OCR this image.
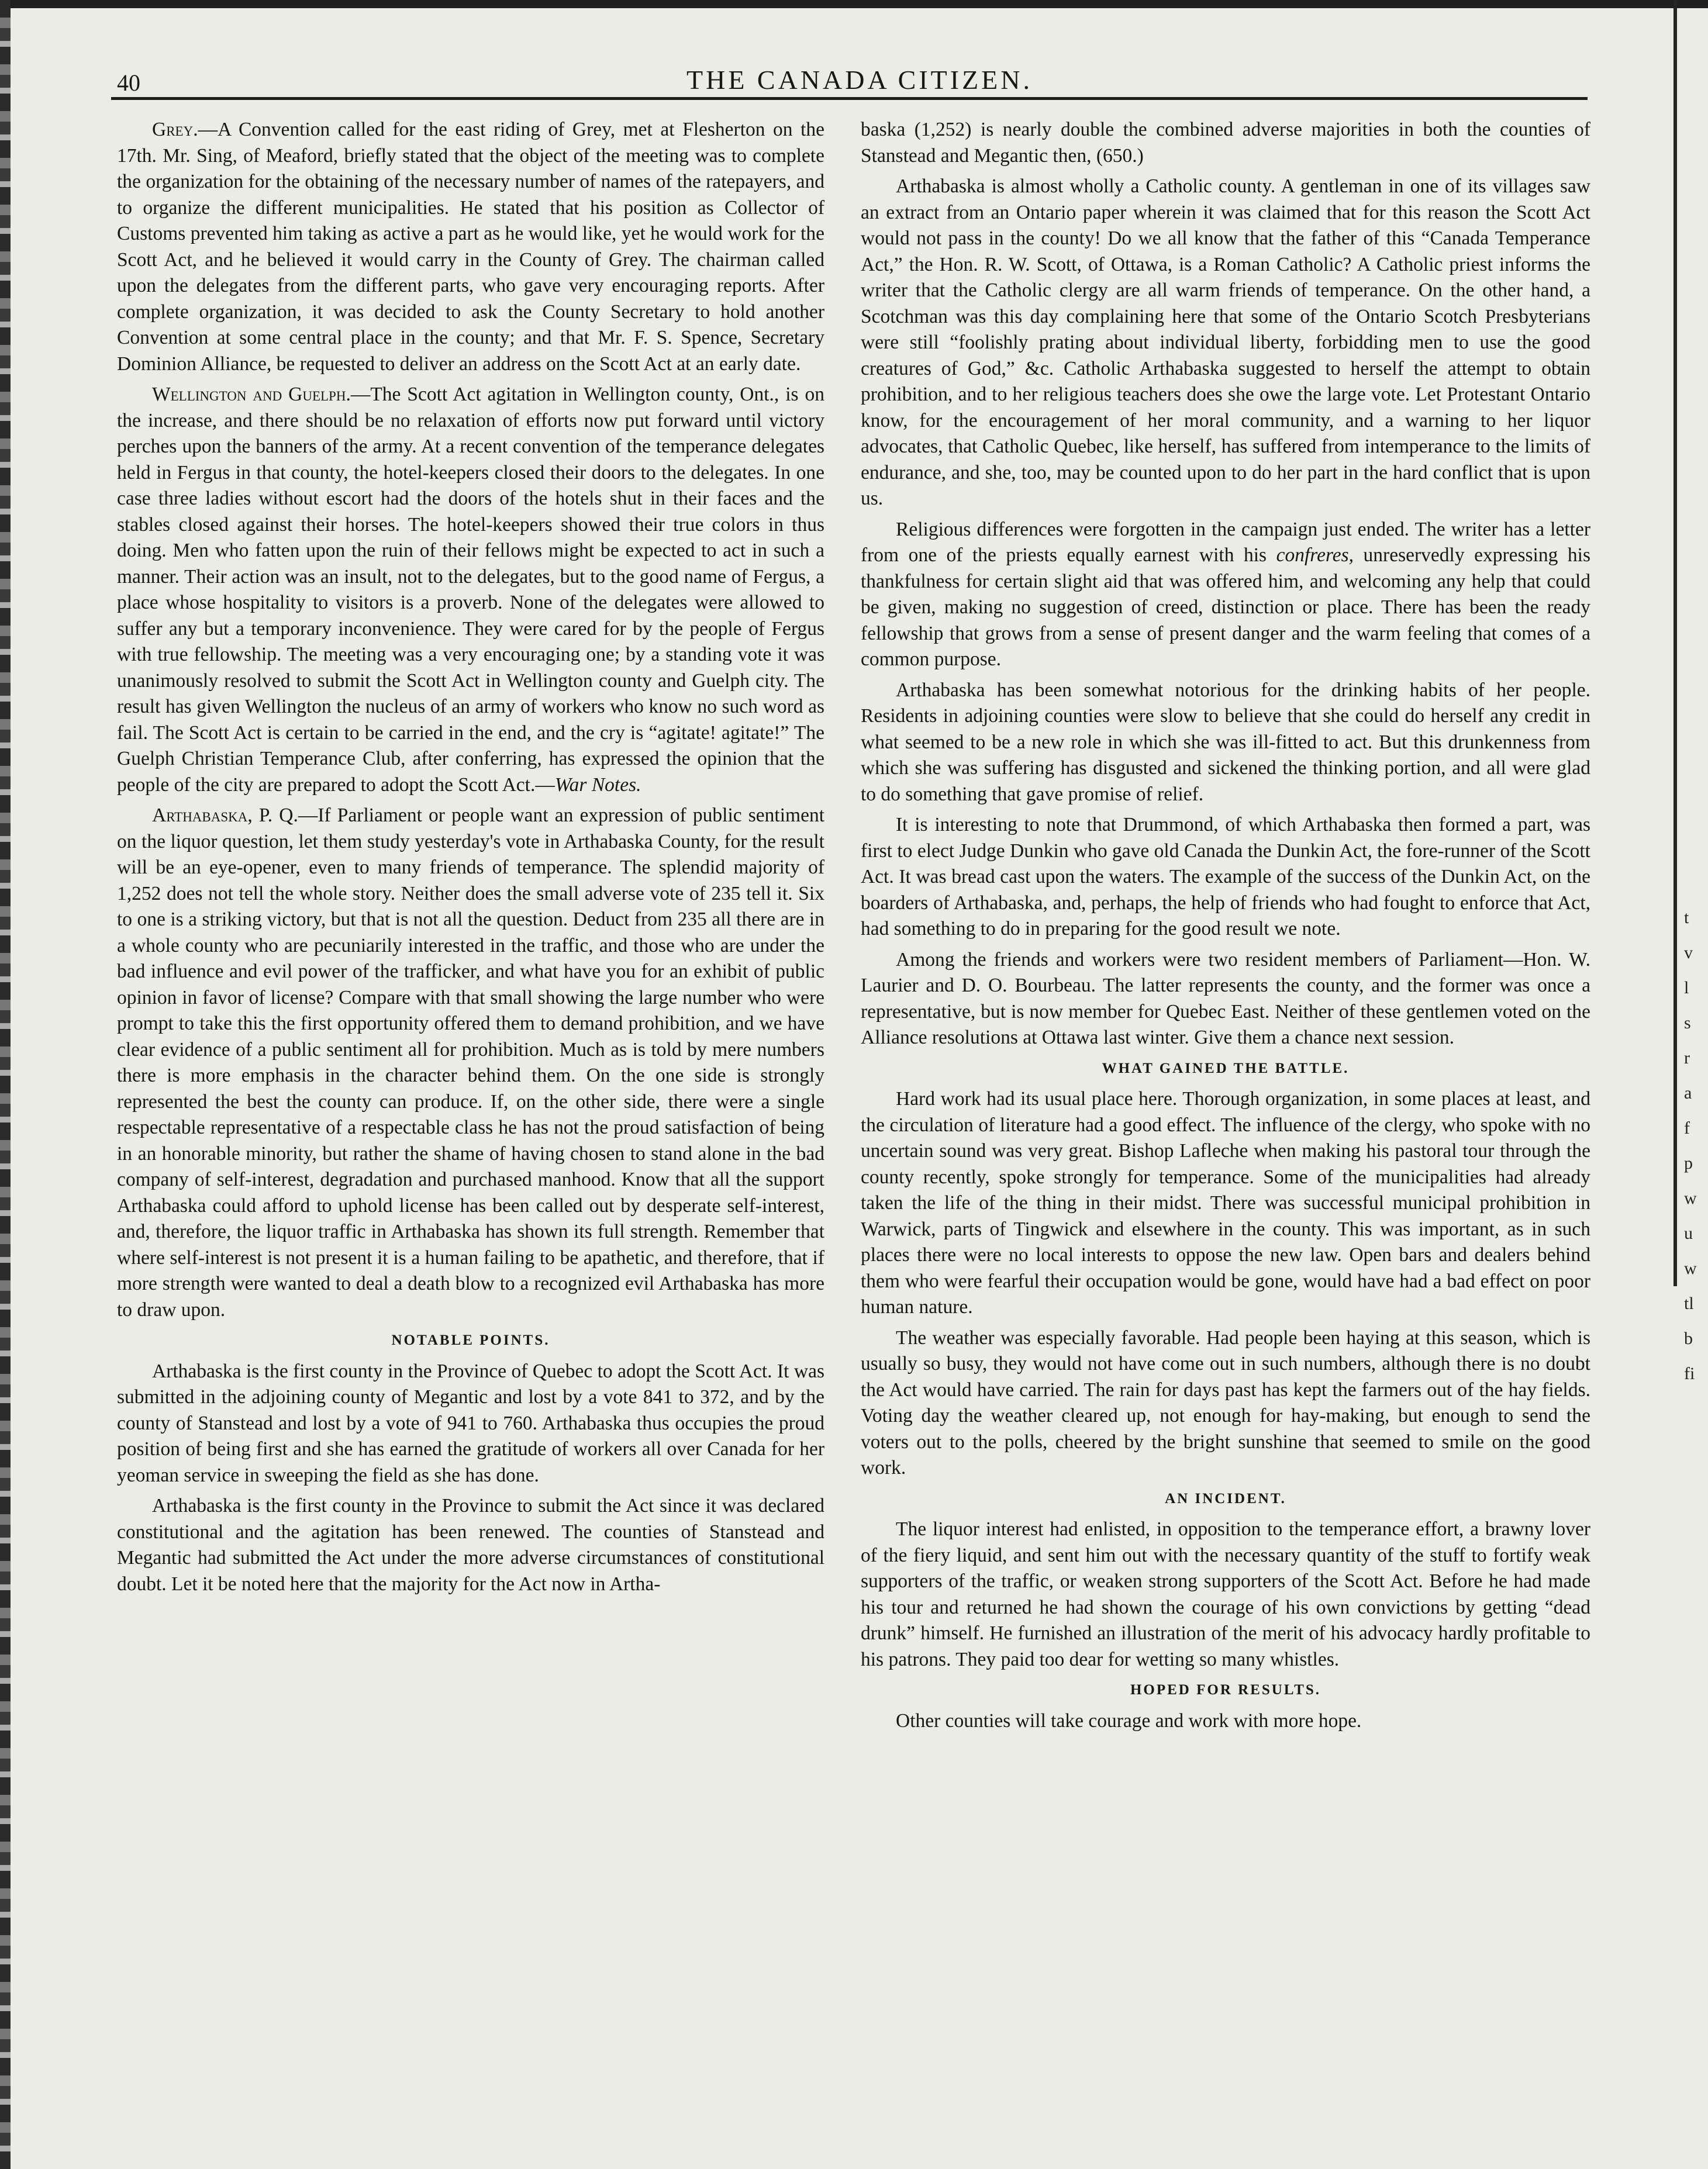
40	THE CANADA CITIZEN.

Grey.—A Convention called for the east riding of Grey, met at Flesherton on the 17th. Mr. Sing, of Meaford, briefly stated that the object of the meeting was to complete the organization for the obtaining of the necessary number of names of the ratepayers, and to organize the different municipalities. He stated that his position as Collector of Customs prevented him taking as active a part as he would like, yet he would work for the Scott Act, and he believed it would carry in the County of Grey. The chairman called upon the delegates from the different parts, who gave very encouraging reports. After complete organization, it was decided to ask the County Secretary to hold another Convention at some central place in the county; and that Mr. F. S. Spence, Secretary Dominion Alliance, be requested to deliver an address on the Scott Act at an early date.

Wellington and Guelph.—The Scott Act agitation in Wellington county, Ont., is on the increase, and there should be no relaxation of efforts now put forward until victory perches upon the banners of the army. At a recent convention of the temperance delegates held in Fergus in that county, the hotel-keepers closed their doors to the delegates. In one case three ladies without escort had the doors of the hotels shut in their faces and the stables closed against their horses. The hotel-keepers showed their true colors in thus doing. Men who fatten upon the ruin of their fellows might be expected to act in such a manner. Their action was an insult, not to the delegates, but to the good name of Fergus, a place whose hospitality to visitors is a proverb. None of the delegates were allowed to suffer any but a temporary inconvenience. They were cared for by the people of Fergus with true fellowship. The meeting was a very encouraging one; by a standing vote it was unanimously resolved to submit the Scott Act in Wellington county and Guelph city. The result has given Wellington the nucleus of an army of workers who know no such word as fail. The Scott Act is certain to be carried in the end, and the cry is “agitate! agitate!” The Guelph Christian Temperance Club, after conferring, has expressed the opinion that the people of the city are prepared to adopt the Scott Act.—War Notes.

Arthabaska, P. Q.—If Parliament or people want an expression of public sentiment on the liquor question, let them study yesterday's vote in Arthabaska County, for the result will be an eye-opener, even to many friends of temperance. The splendid majority of 1,252 does not tell the whole story. Neither does the small adverse vote of 235 tell it. Six to one is a striking victory, but that is not all the question. Deduct from 235 all there are in a whole county who are pecuniarily interested in the traffic, and those who are under the bad influence and evil power of the trafficker, and what have you for an exhibit of public opinion in favor of license? Compare with that small showing the large number who were prompt to take this the first opportunity offered them to demand prohibition, and we have clear evidence of a public sentiment all for prohibition. Much as is told by mere numbers there is more emphasis in the character behind them. On the one side is strongly represented the best the county can produce. If, on the other side, there were a single respectable representative of a respectable class he has not the proud satisfaction of being in an honorable minority, but rather the shame of having chosen to stand alone in the bad company of self-interest, degradation and purchased manhood. Know that all the support Arthabaska could afford to uphold license has been called out by desperate self-interest, and, therefore, the liquor traffic in Arthabaska has shown its full strength. Remember that where self-interest is not present it is a human failing to be apathetic, and therefore, that if more strength were wanted to deal a death blow to a recognized evil Arthabaska has more to draw upon.

NOTABLE POINTS.

Arthabaska is the first county in the Province of Quebec to adopt the Scott Act. It was submitted in the adjoining county of Megantic and lost by a vote 841 to 372, and by the county of Stanstead and lost by a vote of 941 to 760. Arthabaska thus occupies the proud position of being first and she has earned the gratitude of workers all over Canada for her yeoman service in sweeping the field as she has done.

Arthabaska is the first county in the Province to submit the Act since it was declared constitutional and the agitation has been renewed. The counties of Stanstead and Megantic had submitted the Act under the more adverse circumstances of constitutional doubt. Let it be noted here that the majority for the Act now in Artha-

baska (1,252) is nearly double the combined adverse majorities in both the counties of Stanstead and Megantic then, (650.)

Arthabaska is almost wholly a Catholic county. A gentleman in one of its villages saw an extract from an Ontario paper wherein it was claimed that for this reason the Scott Act would not pass in the county! Do we all know that the father of this “Canada Temperance Act,” the Hon. R. W. Scott, of Ottawa, is a Roman Catholic? A Catholic priest informs the writer that the Catholic clergy are all warm friends of temperance. On the other hand, a Scotchman was this day complaining here that some of the Ontario Scotch Presbyterians were still “foolishly prating about individual liberty, forbidding men to use the good creatures of God,” &c. Catholic Arthabaska suggested to herself the attempt to obtain prohibition, and to her religious teachers does she owe the large vote. Let Protestant Ontario know, for the encouragement of her moral community, and a warning to her liquor advocates, that Catholic Quebec, like herself, has suffered from intemperance to the limits of endurance, and she, too, may be counted upon to do her part in the hard conflict that is upon us.

Religious differences were forgotten in the campaign just ended. The writer has a letter from one of the priests equally earnest with his confreres, unreservedly expressing his thankfulness for certain slight aid that was offered him, and welcoming any help that could be given, making no suggestion of creed, distinction or place. There has been the ready fellowship that grows from a sense of present danger and the warm feeling that comes of a common purpose.

Arthabaska has been somewhat notorious for the drinking habits of her people. Residents in adjoining counties were slow to believe that she could do herself any credit in what seemed to be a new role in which she was ill-fitted to act. But this drunkenness from which she was suffering has disgusted and sickened the thinking portion, and all were glad to do something that gave promise of relief.

It is interesting to note that Drummond, of which Arthabaska then formed a part, was first to elect Judge Dunkin who gave old Canada the Dunkin Act, the fore-runner of the Scott Act. It was bread cast upon the waters. The example of the success of the Dunkin Act, on the boarders of Arthabaska, and, perhaps, the help of friends who had fought to enforce that Act, had something to do in preparing for the good result we note.

Among the friends and workers were two resident members of Parliament—Hon. W. Laurier and D. O. Bourbeau. The latter represents the county, and the former was once a representative, but is now member for Quebec East. Neither of these gentlemen voted on the Alliance resolutions at Ottawa last winter. Give them a chance next session.

WHAT GAINED THE BATTLE.

Hard work had its usual place here. Thorough organization, in some places at least, and the circulation of literature had a good effect. The influence of the clergy, who spoke with no uncertain sound was very great. Bishop Lafleche when making his pastoral tour through the county recently, spoke strongly for temperance. Some of the municipalities had already taken the life of the thing in their midst. There was successful municipal prohibition in Warwick, parts of Tingwick and elsewhere in the county. This was important, as in such places there were no local interests to oppose the new law. Open bars and dealers behind them who were fearful their occupation would be gone, would have had a bad effect on poor human nature.

The weather was especially favorable. Had people been haying at this season, which is usually so busy, they would not have come out in such numbers, although there is no doubt the Act would have carried. The rain for days past has kept the farmers out of the hay fields. Voting day the weather cleared up, not enough for hay-making, but enough to send the voters out to the polls, cheered by the bright sunshine that seemed to smile on the good work.

AN INCIDENT.

The liquor interest had enlisted, in opposition to the temperance effort, a brawny lover of the fiery liquid, and sent him out with the necessary quantity of the stuff to fortify weak supporters of the traffic, or weaken strong supporters of the Scott Act. Before he had made his tour and returned he had shown the courage of his own convictions by getting “dead drunk” himself. He furnished an illustration of the merit of his advocacy hardly profitable to his patrons. They paid too dear for wetting so many whistles.

HOPED FOR RESULTS.

Other counties will take courage and work with more hope.

t
v
l
s
r
a
f
p
w
u
w
tl
b
fi
